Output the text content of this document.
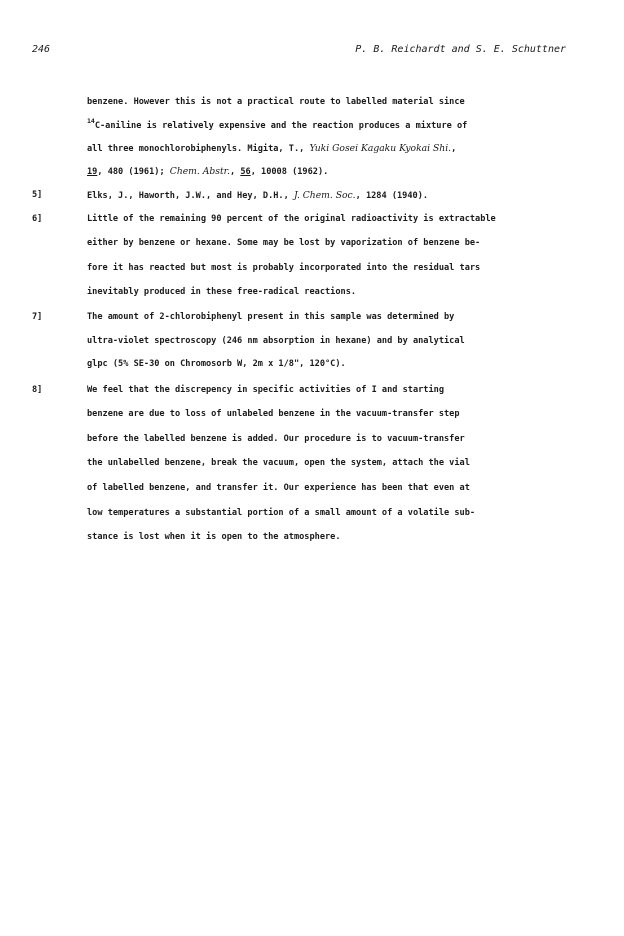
246	P. B. Reichardt and S. E. Schuttner
benzene. However this is not a practical route to labelled material since
$^{14}$C-aniline is relatively expensive and the reaction produces a mixture of
all three monochlorobiphenyls. Migita, T., Yuki Gosei Kagaku Kyokai Shi.,
19, 480 (1961); Chem. Abstr., 56, 10008 (1962).
5]	Elks, J., Haworth, J.W., and Hey, D.H., J. Chem. Soc., 1284 (1940).
6]	Little of the remaining 90 percent of the original radioactivity is extractable
either by benzene or hexane. Some may be lost by vaporization of benzene be-
fore it has reacted but most is probably incorporated into the residual tars
inevitably produced in these free-radical reactions.
7]	The amount of 2-chlorobiphenyl present in this sample was determined by
ultra-violet spectroscopy (246 nm absorption in hexane) and by analytical
glpc (5% SE-30 on Chromosorb W, 2m x 1/8", 120°C).
8]	We feel that the discrepency in specific activities of I and starting
benzene are due to loss of unlabeled benzene in the vacuum-transfer step
before the labelled benzene is added. Our procedure is to vacuum-transfer
the unlabelled benzene, break the vacuum, open the system, attach the vial
of labelled benzene, and transfer it. Our experience has been that even at
low temperatures a substantial portion of a small amount of a volatile sub-
stance is lost when it is open to the atmosphere.
